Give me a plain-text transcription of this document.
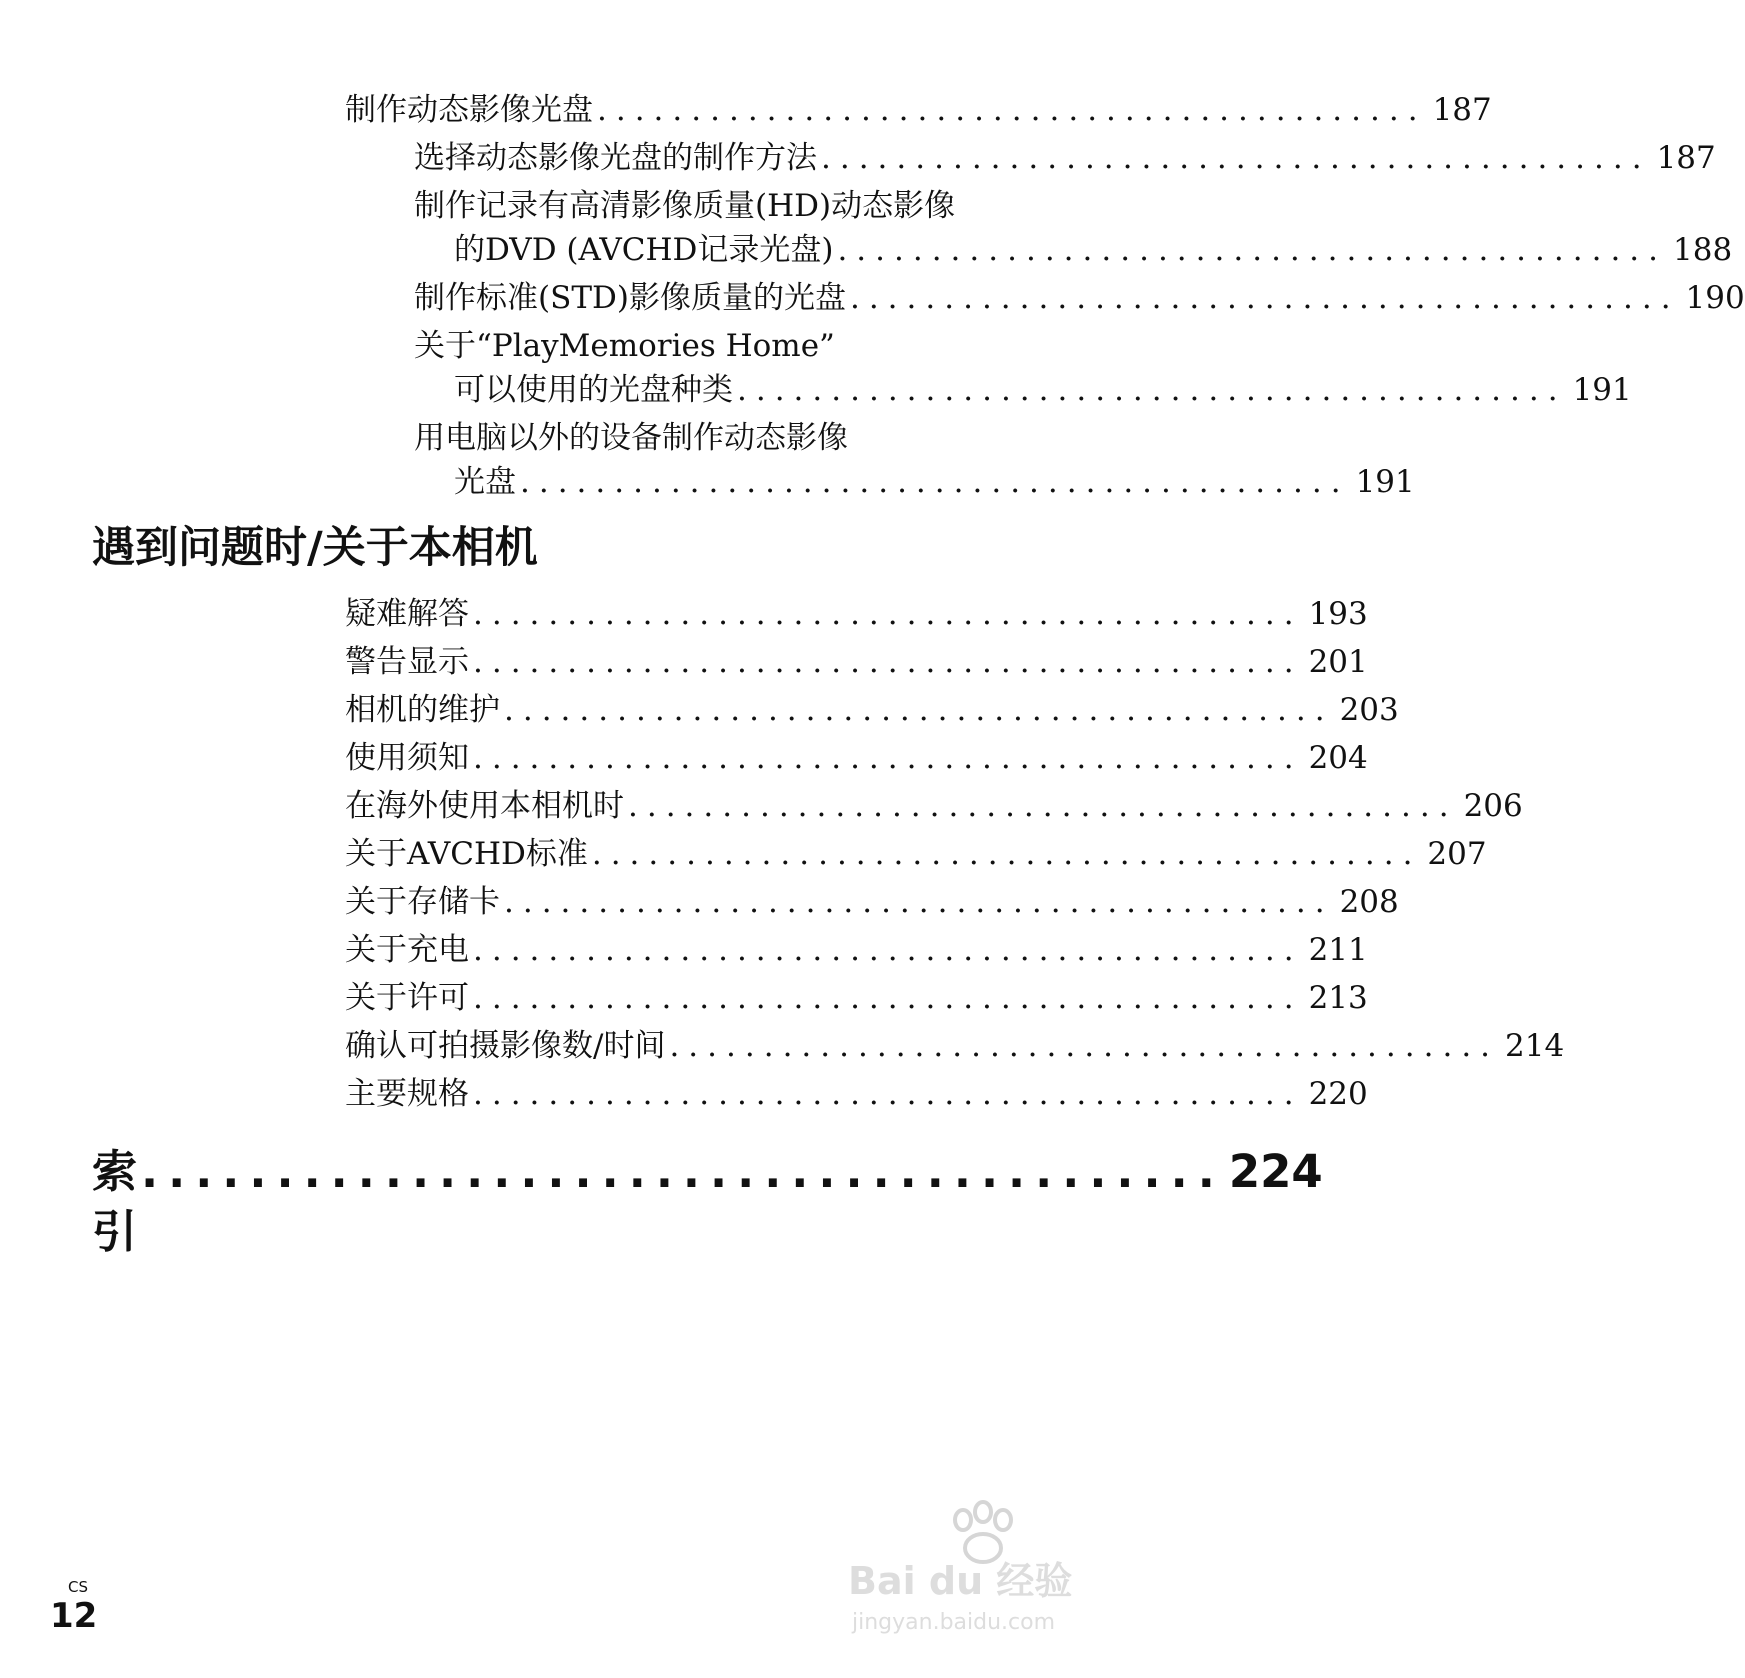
制作动态影像光盘 ............................................ 187
选择动态影像光盘的制作方法 ............................................ 187
制作记录有高清影像质量(HD)动态影像
的DVD (AVCHD记录光盘) ............................................ 188
制作标准(STD)影像质量的光盘 ............................................ 190
关于“PlayMemories Home”
可以使用的光盘种类 ............................................ 191
用电脑以外的设备制作动态影像
光盘 ............................................ 191
遇到问题时/关于本相机
疑难解答 ............................................ 193
警告显示 ............................................ 201
相机的维护 ............................................ 203
使用须知 ............................................ 204
在海外使用本相机时 ............................................ 206
关于AVCHD标准 ............................................ 207
关于存储卡 ............................................ 208
关于充电 ............................................ 211
关于许可 ............................................ 213
确认可拍摄影像数/时间 ............................................ 214
主要规格 ............................................ 220
索引
........................................ 224
CS
12
Bai du 经验
jingyan.baidu.com
